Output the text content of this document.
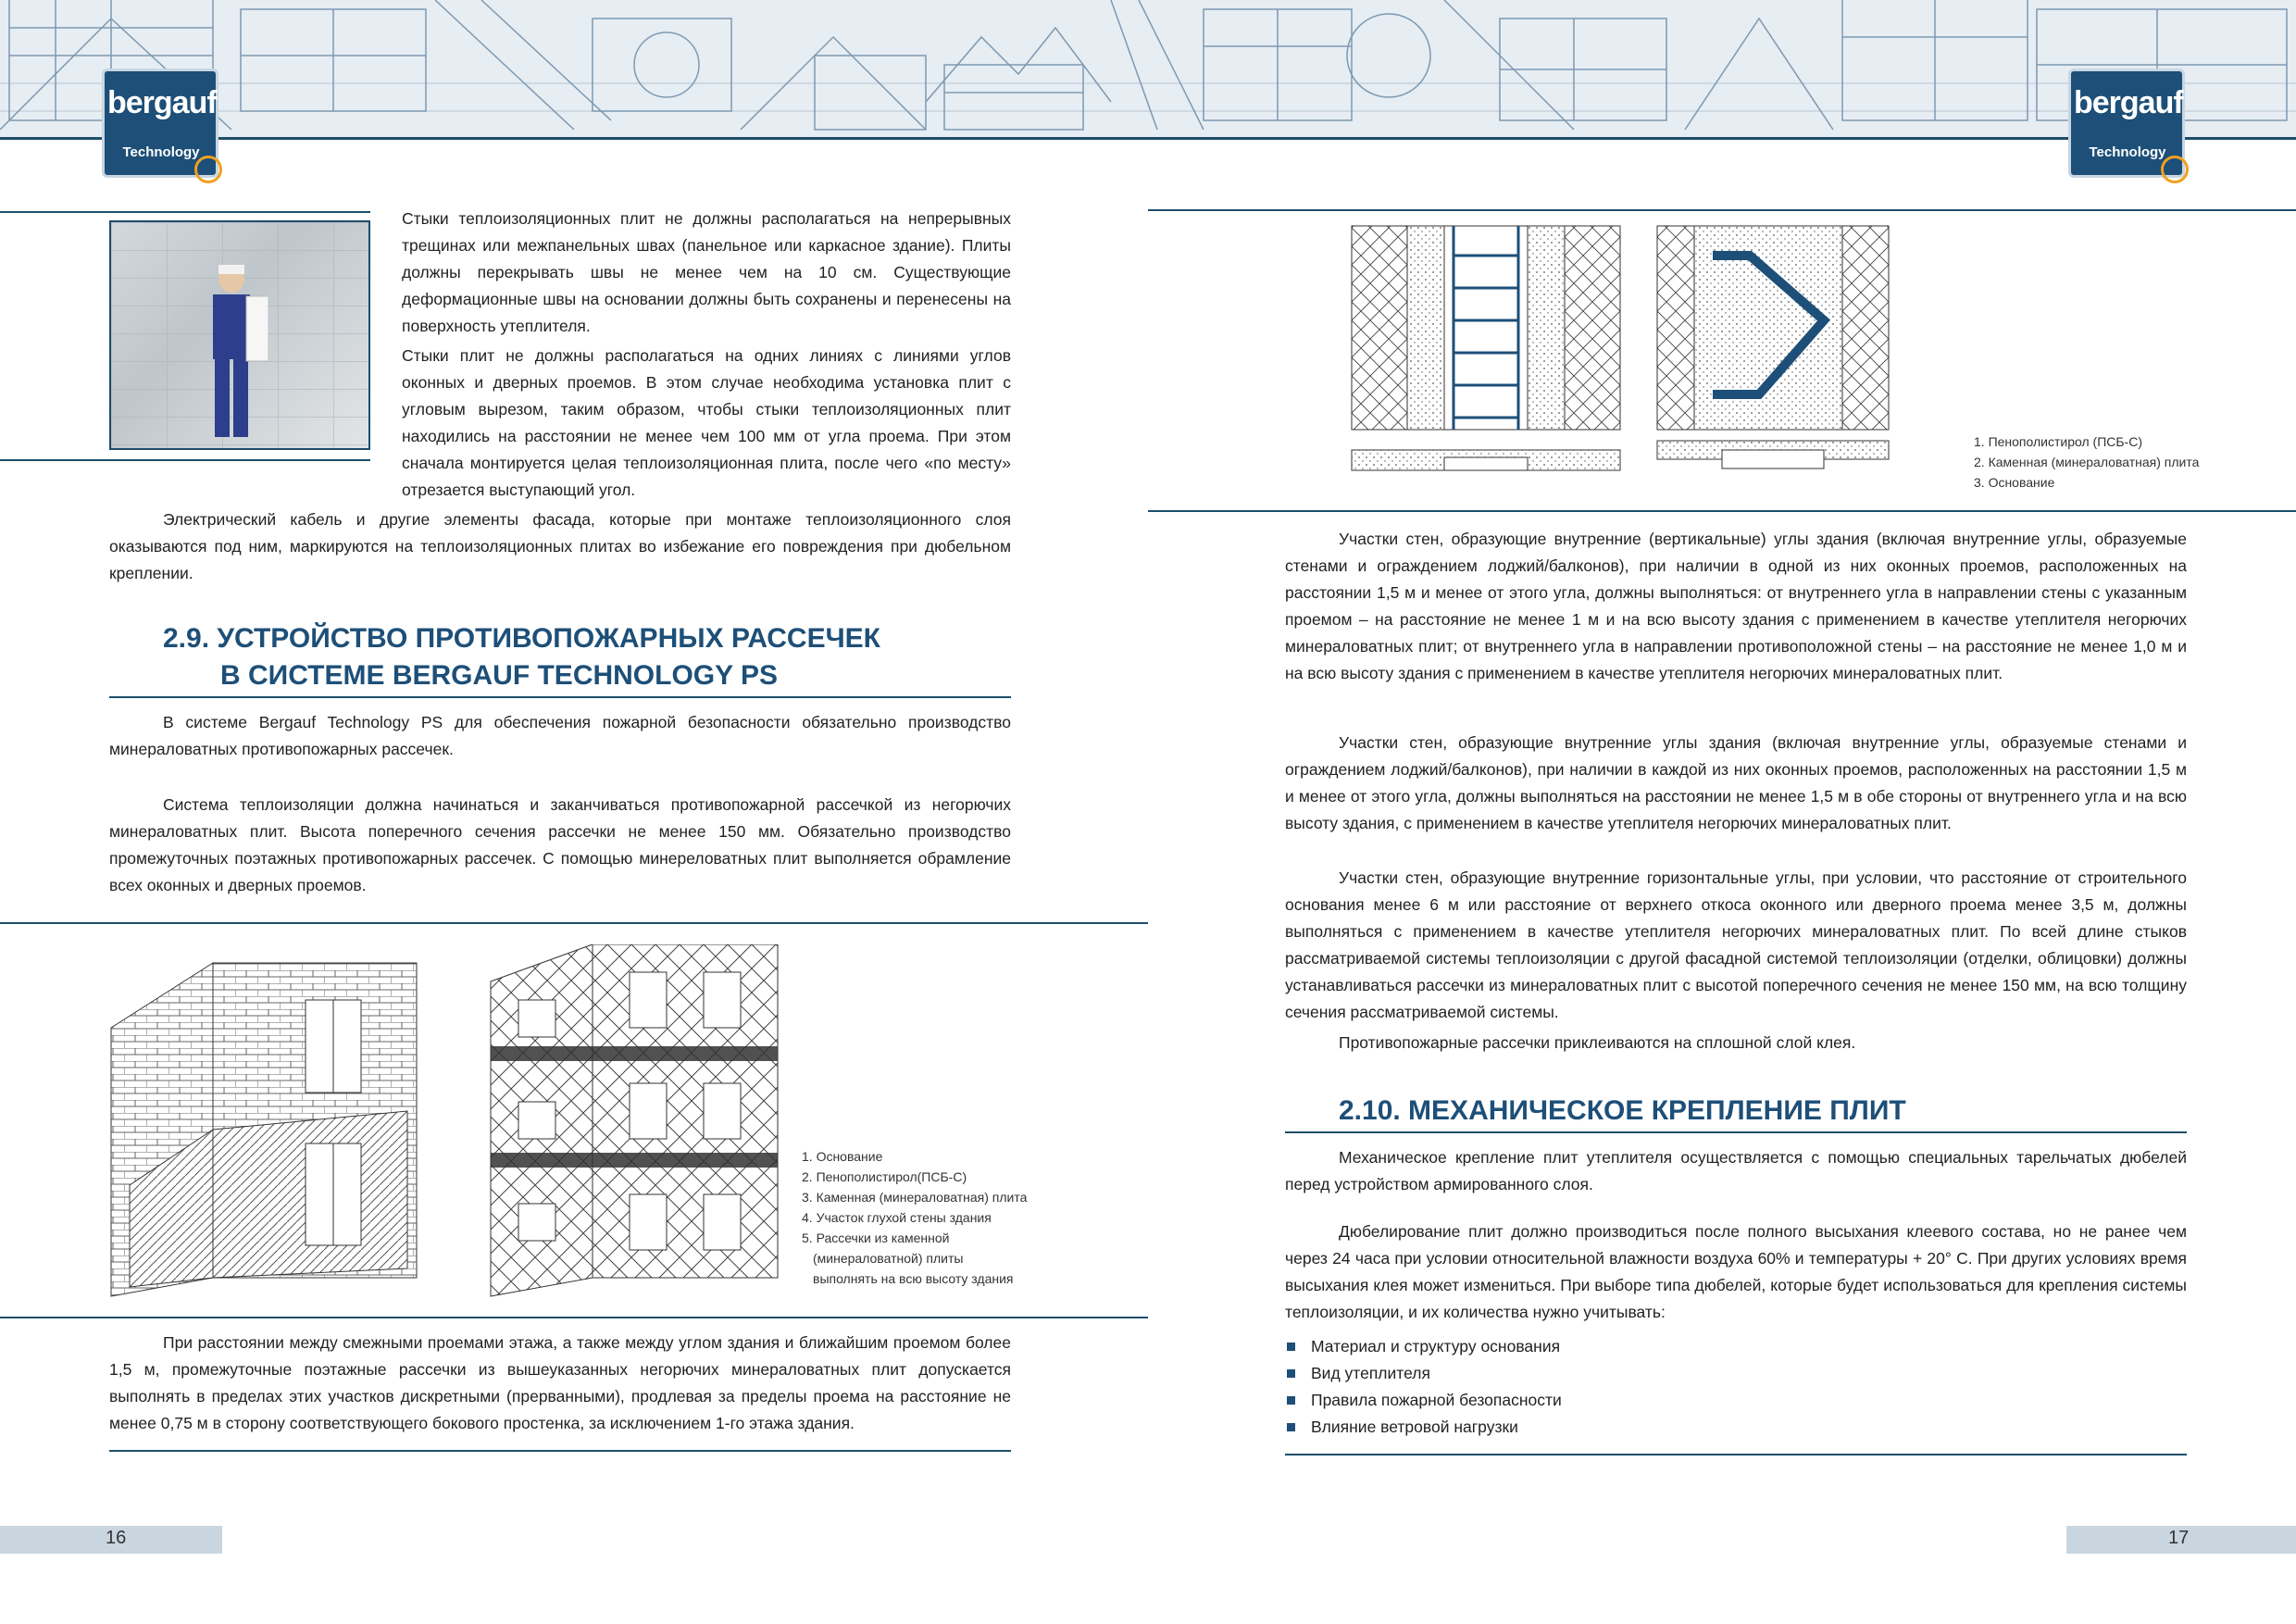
bergauf
Technology
bergauf
Technology
Стыки теплоизоляционных плит не должны располагаться на непрерывных трещинах или межпанельных швах (панельное или каркасное здание). Плиты должны перекрывать швы не менее чем на 10 см. Существующие деформационные швы на основании должны быть сохранены и перенесены на поверхность утеплителя.
Стыки плит не должны располагаться на одних линиях с линиями углов оконных и дверных проемов. В этом случае необходима установка плит с угловым вырезом, таким образом, чтобы стыки теплоизоляционных плит находились на расстоянии не менее чем 100 мм от угла проема. При этом сначала монтируется целая теплоизоляционная плита, после чего «по месту» отрезается выступающий угол.
Электрический кабель и другие элементы фасада, которые при монтаже теплоизоляционного слоя оказываются под ним, маркируются на теплоизоляционных плитах во избежание его повреждения при дюбельном креплении.
2.9. УСТРОЙСТВО ПРОТИВОПОЖАРНЫХ РАССЕЧЕК
В СИСТЕМЕ BERGAUF TECHNOLOGY PS
В системе Bergauf Technology PS для обеспечения пожарной безопасности обязательно производство минераловатных противопожарных рассечек.
Система теплоизоляции должна начинаться и заканчиваться противопожарной рассечкой из негорючих минераловатных плит. Высота поперечного сечения рассечки не менее 150 мм. Обязательно производство промежуточных поэтажных противопожарных рассечек. С помощью минереловатных плит выполняется обрамление всех оконных и дверных проемов.
1. Основание
2. Пенополистирол(ПСБ-С)
3. Каменная (минераловатная) плита
4. Участок глухой стены здания
5. Рассечки из каменной
(минераловатной) плиты
выполнять на всю высоту здания
При расстоянии между смежными проемами этажа, а также между углом здания и ближайшим проемом более 1,5 м, промежуточные поэтажные рассечки из вышеуказанных негорючих минераловатных плит допускается выполнять в пределах этих участков дискретными (прерванными), продлевая за пределы проема на расстояние не менее 0,75 м в сторону соответствующего бокового простенка, за исключением 1-го этажа здания.
16
1. Пенополистирол (ПСБ-С)
2. Каменная (минераловатная) плита
3. Основание
Участки стен, образующие внутренние (вертикальные) углы здания (включая внутренние углы, образуемые стенами и ограждением лоджий/балконов), при наличии в одной из них оконных проемов, расположенных на расстоянии 1,5 м и менее от этого угла, должны выполняться: от внутреннего угла в направлении стены с указанным проемом – на расстояние не менее 1 м и на всю высоту здания с применением в качестве утеплителя негорючих минераловатных плит; от внутреннего угла в направлении противоположной стены – на расстояние не менее 1,0 м и на всю высоту здания с применением в качестве утеплителя негорючих минераловатных плит.
Участки стен, образующие внутренние углы здания (включая внутренние углы, образуемые стенами и ограждением лоджий/балконов), при наличии в каждой из них оконных проемов, расположенных на расстоянии 1,5 м и менее от этого угла, должны выполняться на расстоянии не менее 1,5 м в обе стороны от внутреннего угла и на всю высоту здания, с применением в качестве утеплителя негорючих минераловатных плит.
Участки стен, образующие внутренние горизонтальные углы, при условии, что расстояние от строительного основания менее 6 м или расстояние от верхнего откоса оконного или дверного проема менее 3,5 м, должны выполняться с применением в качестве утеплителя негорючих минераловатных плит. По всей длине стыков рассматриваемой системы теплоизоляции с другой фасадной системой теплоизоляции (отделки, облицовки) должны устанавливаться рассечки из минераловатных плит с высотой поперечного сечения не менее 150 мм, на всю толщину сечения рассматриваемой системы.
Противопожарные рассечки приклеиваются на сплошной слой клея.
2.10. МЕХАНИЧЕСКОЕ КРЕПЛЕНИЕ ПЛИТ
Механическое крепление плит утеплителя осуществляется с помощью специальных тарельчатых дюбелей перед устройством армированного слоя.
Дюбелирование плит должно производиться после полного высыхания клеевого состава, но не ранее чем через 24 часа при условии относительной влажности воздуха 60% и температуры + 20° С. При других условиях время высыхания клея может измениться. При выборе типа дюбелей, которые будет использоваться для крепления системы теплоизоляции, и их количества нужно учитывать:
Материал и структуру основания
Вид утеплителя
Правила пожарной безопасности
Влияние ветровой нагрузки
17
